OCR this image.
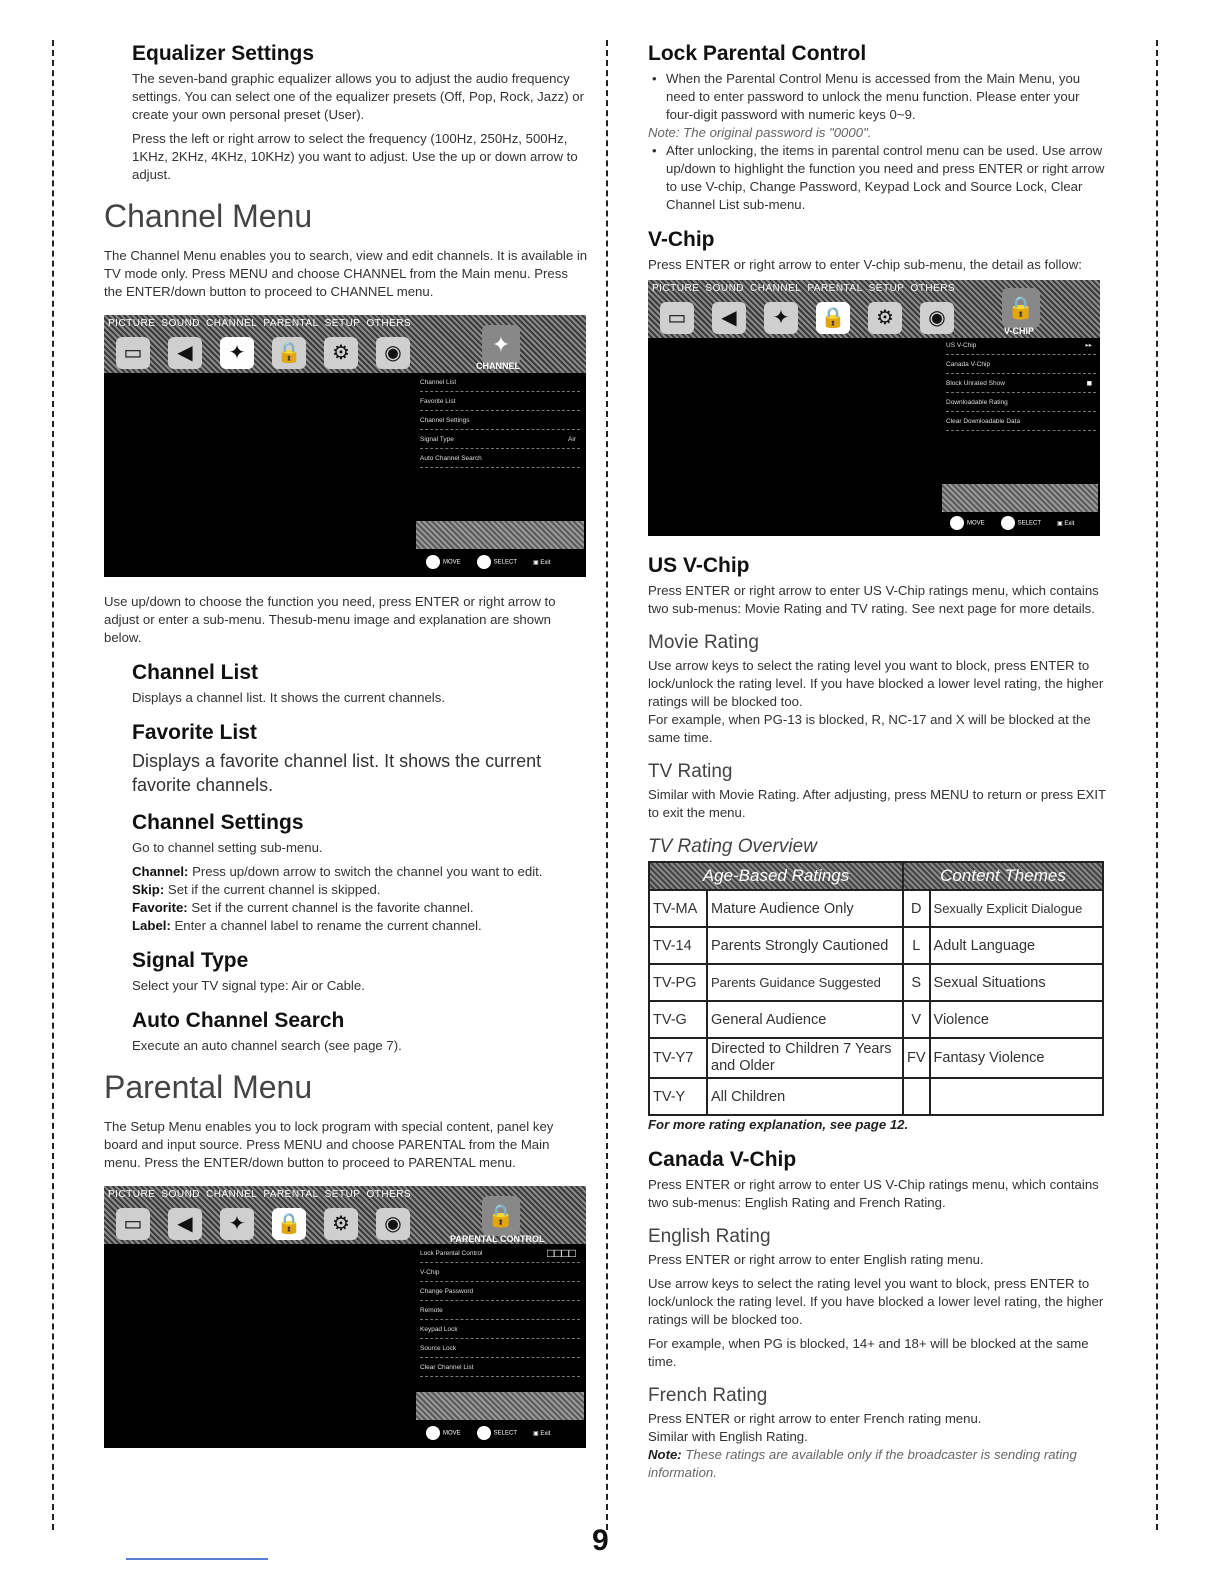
Equalizer Settings

The seven-band graphic equalizer allows you to adjust the audio frequency settings. You can select one of the equalizer presets (Off, Pop, Rock, Jazz) or create your own personal preset (User).

Press the left or right arrow to select the frequency (100Hz, 250Hz, 500Hz, 1KHz, 2KHz, 4KHz, 10KHz) you want to adjust. Use the up or down arrow to adjust.

Channel Menu

The Channel Menu enables you to search, view and edit channels. It is available in TV mode only. Press MENU and choose CHANNEL from the Main menu. Press the ENTER/down button to proceed to CHANNEL menu.

PICTURE SOUND CHANNEL PARENTAL SETUP OTHERS
▭	◀	✦	🔒	⚙	◉	✦
CHANNEL
Channel List
Favorite List
Channel Settings
Signal Type	Air
Auto Channel Search
MOVE	SELECT	▣ Exit

Use up/down to choose the function you need, press ENTER or right arrow to adjust or enter a sub-menu. Thesub-menu image and explanation are shown below.

Channel List

Displays a channel list. It shows the current channels.

Favorite List

Displays a favorite channel list. It shows the current favorite channels.

Channel Settings

Go to channel setting sub-menu.

Channel: Press up/down arrow to switch the channel you want to edit.

Skip: Set if the current channel is skipped.

Favorite: Set if the current channel is the favorite channel.

Label: Enter a channel label to rename the current channel.

Signal Type

Select your TV signal type: Air or Cable.

Auto Channel Search

Execute an auto channel search (see page 7).

Parental Menu

The Setup Menu enables you to lock program with special content, panel key board and input source. Press MENU and choose PARENTAL from the Main menu. Press the ENTER/down button to proceed to PARENTAL menu.

PICTURE SOUND CHANNEL PARENTAL SETUP OTHERS
▭	◀	✦	🔒	⚙	◉	🔒
PARENTAL CONTROL
Lock Parental Control	□□□□
V-Chip
Change Password
Remote
Keypad Lock
Source Lock
Clear Channel List
MOVE	SELECT	▣ Exit
Lock Parental Control

• When the Parental Control Menu is accessed from the Main Menu, you need to enter password to unlock the menu function. Please enter your four-digit password with numeric keys 0~9.

Note: The original password is "0000".

• After unlocking, the items in parental control menu can be used. Use arrow up/down to highlight the function you need and press ENTER or right arrow to use V-chip, Change Password, Keypad Lock and Source Lock, Clear Channel List sub-menu.

V-Chip

Press ENTER or right arrow to enter V-chip sub-menu, the detail as follow:

PICTURE SOUND CHANNEL PARENTAL SETUP OTHERS
▭	◀	✦	🔒	⚙	◉	🔒
V-CHIP
US V-Chip	▸▸
Canada V-Chip
Block Unrated Show	■
Downloadable Rating
Clear Downloadable Data
MOVE	SELECT	▣ Exit
US V-Chip

Press ENTER or right arrow to enter US V-Chip ratings menu, which contains two sub-menus: Movie Rating and TV rating. See next page for more details.

Movie Rating

Use arrow keys to select the rating level you want to block, press ENTER to lock/unlock the rating level. If you have blocked a lower level rating, the higher ratings will be blocked too.

For example, when PG-13 is blocked, R, NC-17 and X will be blocked at the same time.

TV Rating

Similar with Movie Rating. After adjusting, press MENU to return or press EXIT to exit the menu.

TV Rating Overview
Age-Based Ratings		Content Themes	
TV-MA	Mature Audience Only	D	Sexually Explicit Dialogue
TV-14	Parents Strongly Cautioned	L	Adult Language
TV-PG	Parents Guidance Suggested	S	Sexual Situations
TV-G	General Audience	V	Violence
TV-Y7	Directed to Children 7 Years and Older	FV	Fantasy Violence
TV-Y	All Children		

For more rating explanation, see page 12.

Canada V-Chip

Press ENTER or right arrow to enter US V-Chip ratings menu, which contains two sub-menus: English Rating and French Rating.

English Rating

Press ENTER or right arrow to enter English rating menu.

Use arrow keys to select the rating level you want to block, press ENTER to lock/unlock the rating level. If you have blocked a lower level rating, the higher ratings will be blocked too.

For example, when PG is blocked, 14+ and 18+ will be blocked at the same time.

French Rating

Press ENTER or right arrow to enter French rating menu.

Similar with English Rating.

Note: These ratings are available only if the broadcaster is sending rating information.

9
